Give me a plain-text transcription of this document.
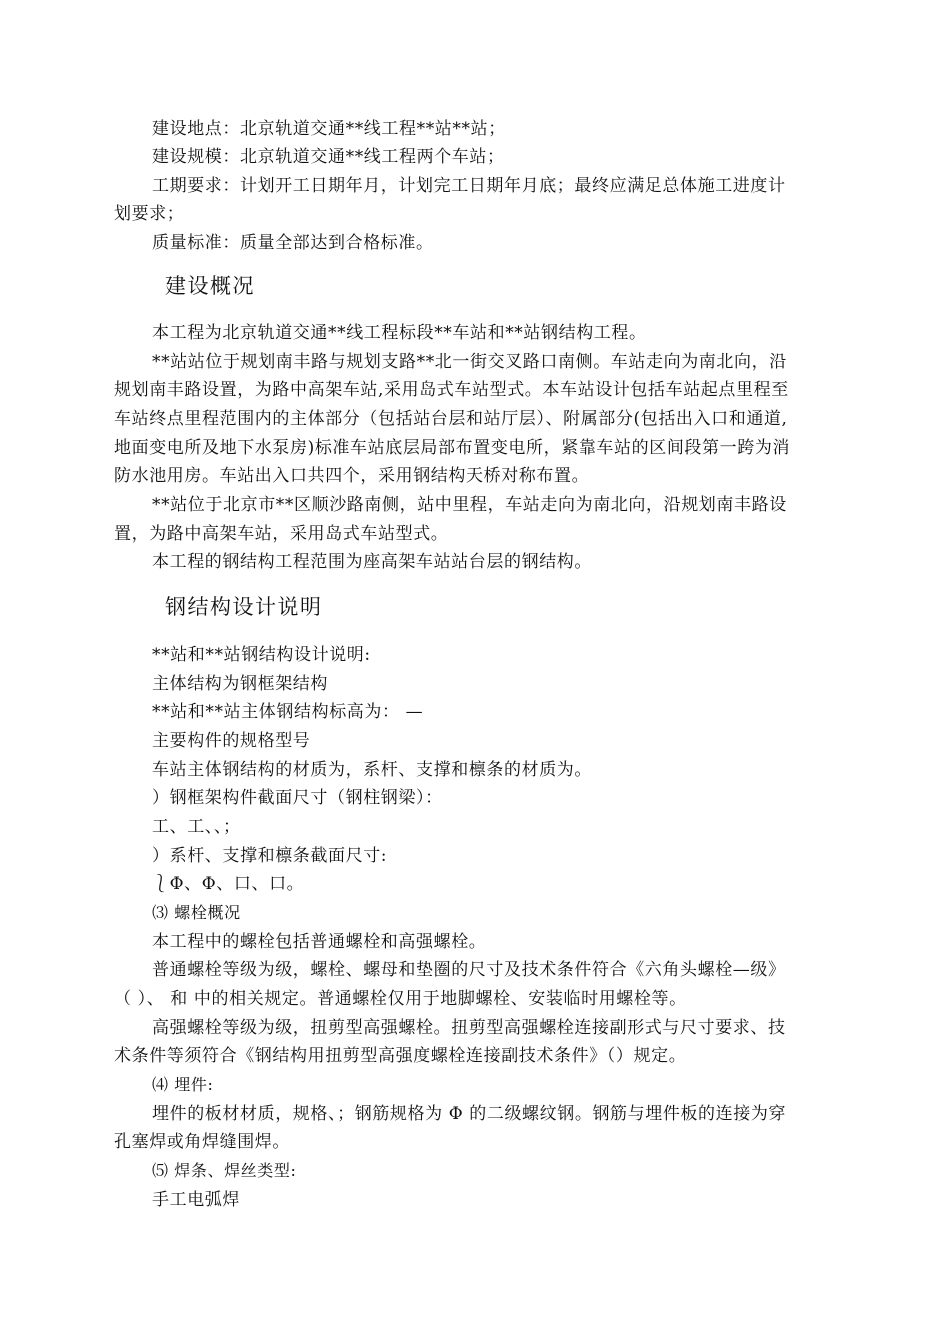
建设地点：北京轨道交通**线工程**站**站；
建设规模：北京轨道交通**线工程两个车站；
工期要求：计划开工日期年月，计划完工日期年月底；最终应满足总体施工进度计
划要求；
质量标准：质量全部达到合格标准。
建设概况
本工程为北京轨道交通**线工程标段**车站和**站钢结构工程。
**站站位于规划南丰路与规划支路**北一街交叉路口南侧。车站走向为南北向，沿
规划南丰路设置，为路中高架车站,采用岛式车站型式。本车站设计包括车站起点里程至
车站终点里程范围内的主体部分（包括站台层和站厅层）、附属部分(包括出入口和通道,
地面变电所及地下水泵房)标准车站底层局部布置变电所，紧靠车站的区间段第一跨为消
防水池用房。车站出入口共四个，采用钢结构天桥对称布置。
**站位于北京市**区顺沙路南侧，站中里程，车站走向为南北向，沿规划南丰路设
置，为路中高架车站，采用岛式车站型式。
本工程的钢结构工程范围为座高架车站站台层的钢结构。
钢结构设计说明
**站和**站钢结构设计说明:
主体结构为钢框架结构
**站和**站主体钢结构标高为： —
主要构件的规格型号
车站主体钢结构的材质为，系杆、支撑和檩条的材质为。
）钢框架构件截面尺寸（钢柱钢梁）：
工、工、、；
）系杆、支撑和檩条截面尺寸:
⎱Φ、Φ、口、口。
⑶ 螺栓概况
本工程中的螺栓包括普通螺栓和高强螺栓。
普通螺栓等级为级，螺栓、螺母和垫圈的尺寸及技术条件符合《六角头螺栓—级》
（ ）、 和 中的相关规定。普通螺栓仅用于地脚螺栓、安装临时用螺栓等。
高强螺栓等级为级，扭剪型高强螺栓。扭剪型高强螺栓连接副形式与尺寸要求、技
术条件等须符合《钢结构用扭剪型高强度螺栓连接副技术条件》（）规定。
⑷ 埋件:
埋件的板材材质，规格、；钢筋规格为 Φ 的二级螺纹钢。钢筋与埋件板的连接为穿
孔塞焊或角焊缝围焊。
⑸ 焊条、焊丝类型:
手工电弧焊
